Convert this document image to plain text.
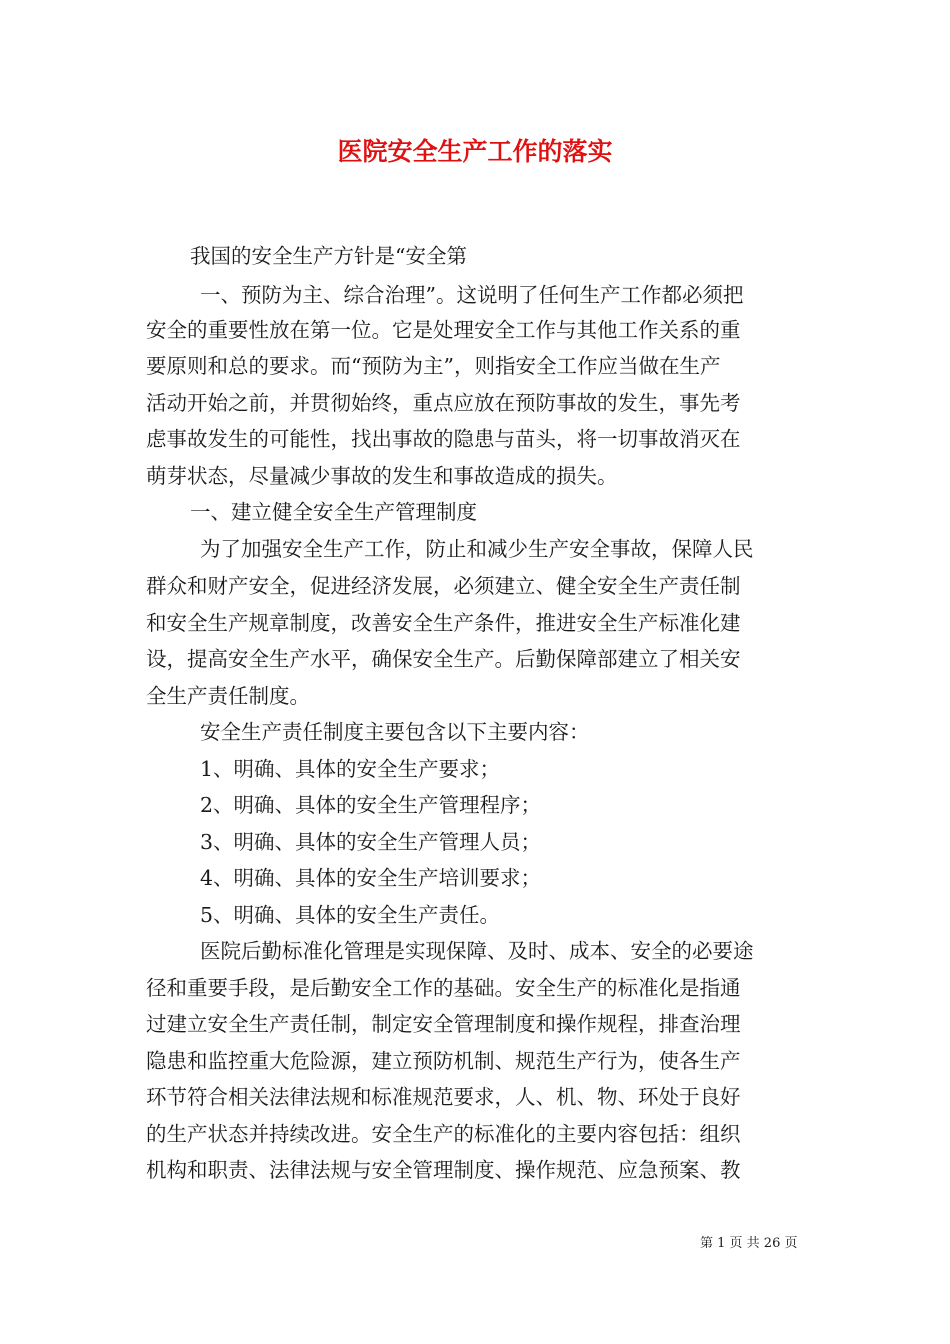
医院安全生产工作的落实
我国的安全生产方针是“安全第
一、预防为主、综合治理”。这说明了任何生产工作都必须把
安全的重要性放在第一位。它是处理安全工作与其他工作关系的重
要原则和总的要求。而“预防为主”，则指安全工作应当做在生产
活动开始之前，并贯彻始终，重点应放在预防事故的发生，事先考
虑事故发生的可能性，找出事故的隐患与苗头，将一切事故消灭在
萌芽状态，尽量减少事故的发生和事故造成的损失。
一、建立健全安全生产管理制度
为了加强安全生产工作，防止和减少生产安全事故，保障人民
群众和财产安全，促进经济发展，必须建立、健全安全生产责任制
和安全生产规章制度，改善安全生产条件，推进安全生产标准化建
设，提高安全生产水平，确保安全生产。后勤保障部建立了相关安
全生产责任制度。
安全生产责任制度主要包含以下主要内容：
1、明确、具体的安全生产要求；
2、明确、具体的安全生产管理程序；
3、明确、具体的安全生产管理人员；
4、明确、具体的安全生产培训要求；
5、明确、具体的安全生产责任。
医院后勤标准化管理是实现保障、及时、成本、安全的必要途
径和重要手段，是后勤安全工作的基础。安全生产的标准化是指通
过建立安全生产责任制，制定安全管理制度和操作规程，排查治理
隐患和监控重大危险源，建立预防机制、规范生产行为，使各生产
环节符合相关法律法规和标准规范要求，人、机、物、环处于良好
的生产状态并持续改进。安全生产的标准化的主要内容包括：组织
机构和职责、法律法规与安全管理制度、操作规范、应急预案、教
第 1 页 共 26 页
